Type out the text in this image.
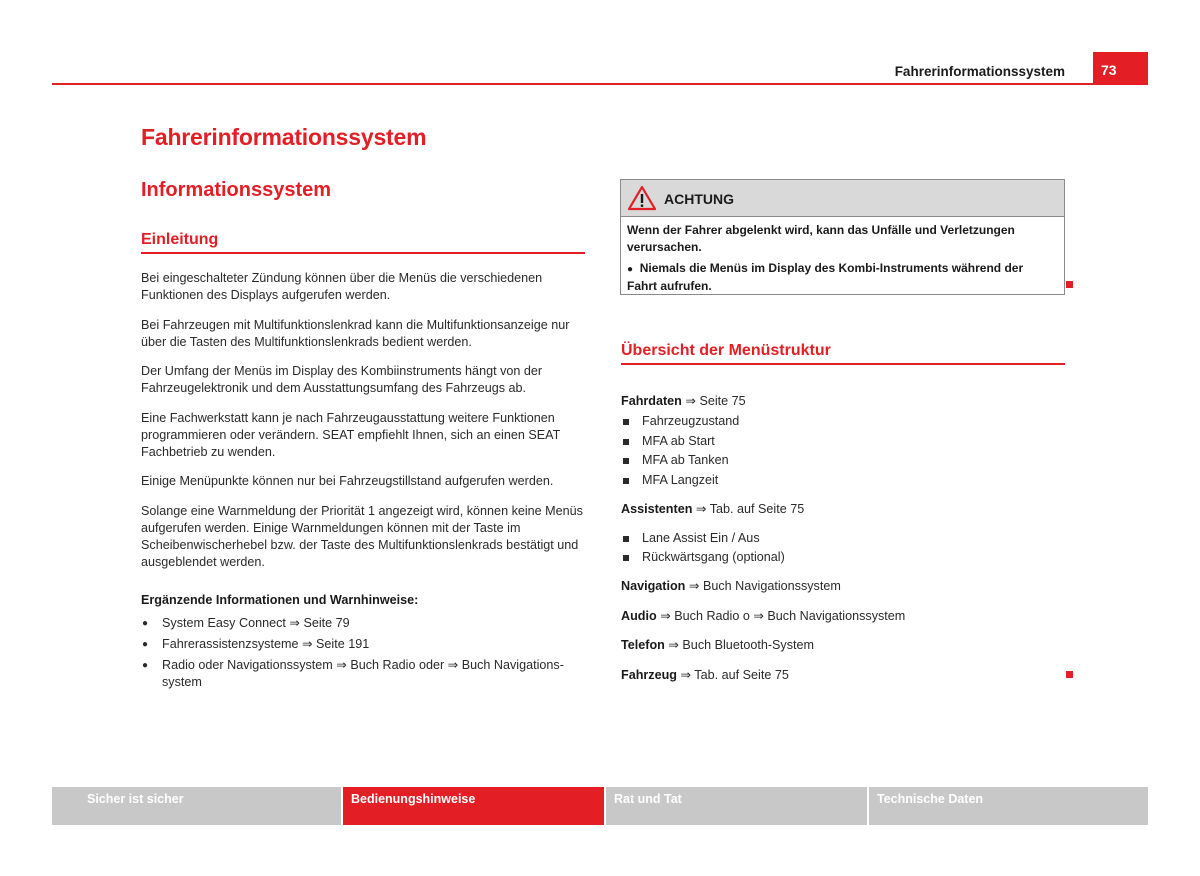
Fahrerinformationssystem	73
Fahrerinformationssystem
Informationssystem
Einleitung

Bei eingeschalteter Zündung können über die Menüs die verschiedenen Funktionen des Displays aufgerufen werden.

Bei Fahrzeugen mit Multifunktionslenkrad kann die Multifunktionsanzeige nur über die Tasten des Multifunktionslenkrads bedient werden.

Der Umfang der Menüs im Display des Kombiinstruments hängt von der Fahrzeugelektronik und dem Ausstattungsumfang des Fahrzeugs ab.

Eine Fachwerkstatt kann je nach Fahrzeugausstattung weitere Funktionen programmieren oder verändern. SEAT empfiehlt Ihnen, sich an einen SEAT Fachbetrieb zu wenden.

Einige Menüpunkte können nur bei Fahrzeugstillstand aufgerufen werden.

Solange eine Warnmeldung der Priorität 1 angezeigt wird, können keine Menüs aufgerufen werden. Einige Warnmeldungen können mit der Taste im Scheibenwischerhebel bzw. der Taste des Multifunktionslenkrads bestätigt und ausgeblendet werden.

Ergänzende Informationen und Warnhinweise:
● System Easy Connect ⇒ Seite 79
● Fahrerassistenzsysteme ⇒ Seite 191
● Radio oder Navigationssystem ⇒ Buch Radio oder ⇒ Buch Navigationssystem
ACHTUNG

Wenn der Fahrer abgelenkt wird, kann das Unfälle und Verletzungen verursachen.

● Niemals die Menüs im Display des Kombi-Instruments während der Fahrt aufrufen.

Übersicht der Menüstruktur
Fahrdaten ⇒ Seite 75
Fahrzeugzustand
MFA ab Start
MFA ab Tanken
MFA Langzeit
Assistenten ⇒ Tab. auf Seite 75
Lane Assist Ein / Aus
Rückwärtsgang (optional)
Navigation ⇒ Buch Navigationssystem
Audio ⇒ Buch Radio o ⇒ Buch Navigationssystem
Telefon ⇒ Buch Bluetooth-System
Fahrzeug ⇒ Tab. auf Seite 75
Sicher ist sicher	Bedienungshinweise	Rat und Tat	Technische Daten
